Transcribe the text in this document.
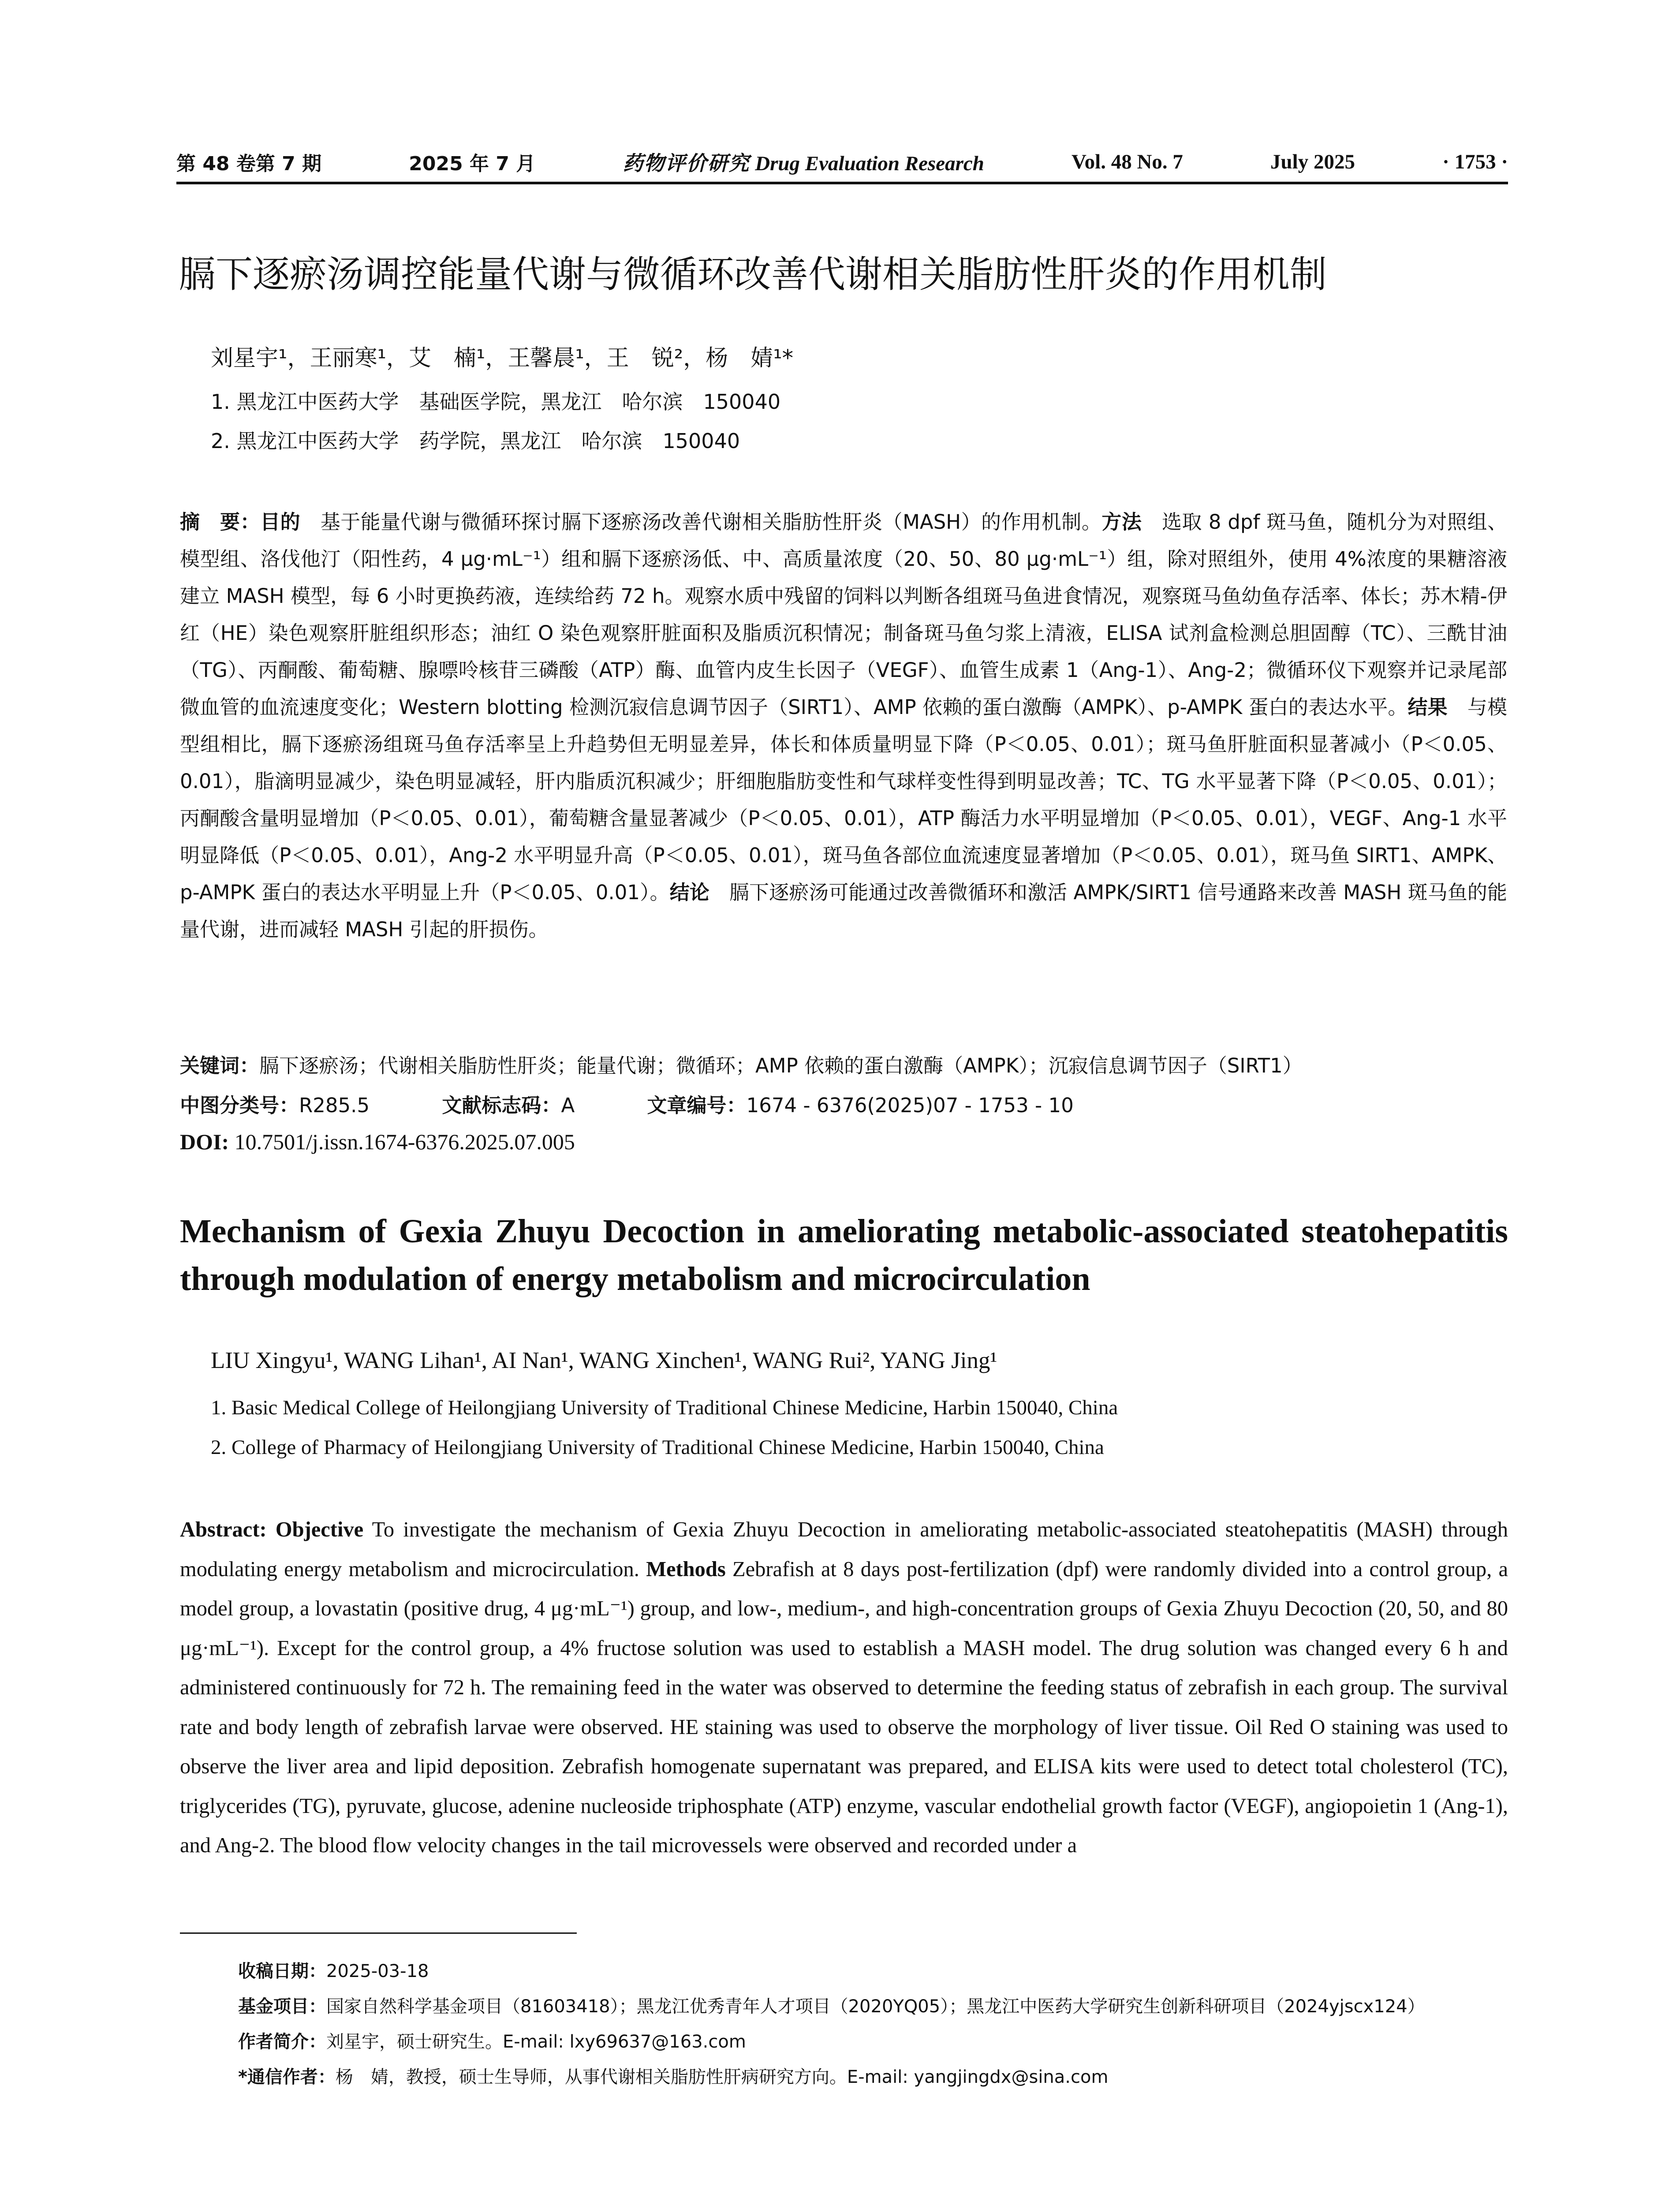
第 48 卷第 7 期	2025 年 7 月	药物评价研究 Drug Evaluation Research	Vol. 48 No. 7	July 2025	· 1753 ·
膈下逐瘀汤调控能量代谢与微循环改善代谢相关脂肪性肝炎的作用机制
刘星宇¹，王丽寒¹，艾　楠¹，王馨晨¹，王　锐²，杨　婧¹*
1. 黑龙江中医药大学　基础医学院，黑龙江　哈尔滨　150040
2. 黑龙江中医药大学　药学院，黑龙江　哈尔滨　150040

摘　要：目的　基于能量代谢与微循环探讨膈下逐瘀汤改善代谢相关脂肪性肝炎（MASH）的作用机制。方法　选取 8 dpf 斑马鱼，随机分为对照组、模型组、洛伐他汀（阳性药，4 μg·mL⁻¹）组和膈下逐瘀汤低、中、高质量浓度（20、50、80 μg·mL⁻¹）组，除对照组外，使用 4%浓度的果糖溶液建立 MASH 模型，每 6 小时更换药液，连续给药 72 h。观察水质中残留的饲料以判断各组斑马鱼进食情况，观察斑马鱼幼鱼存活率、体长；苏木精-伊红（HE）染色观察肝脏组织形态；油红 O 染色观察肝脏面积及脂质沉积情况；制备斑马鱼匀浆上清液，ELISA 试剂盒检测总胆固醇（TC）、三酰甘油（TG）、丙酮酸、葡萄糖、腺嘌呤核苷三磷酸（ATP）酶、血管内皮生长因子（VEGF）、血管生成素 1（Ang-1）、Ang-2；微循环仪下观察并记录尾部微血管的血流速度变化；Western blotting 检测沉寂信息调节因子（SIRT1）、AMP 依赖的蛋白激酶（AMPK）、p-AMPK 蛋白的表达水平。结果　与模型组相比，膈下逐瘀汤组斑马鱼存活率呈上升趋势但无明显差异，体长和体质量明显下降（P＜0.05、0.01）；斑马鱼肝脏面积显著减小（P＜0.05、0.01），脂滴明显减少，染色明显减轻，肝内脂质沉积减少；肝细胞脂肪变性和气球样变性得到明显改善；TC、TG 水平显著下降（P＜0.05、0.01）；丙酮酸含量明显增加（P＜0.05、0.01），葡萄糖含量显著减少（P＜0.05、0.01），ATP 酶活力水平明显增加（P＜0.05、0.01），VEGF、Ang-1 水平明显降低（P＜0.05、0.01），Ang-2 水平明显升高（P＜0.05、0.01），斑马鱼各部位血流速度显著增加（P＜0.05、0.01），斑马鱼 SIRT1、AMPK、p-AMPK 蛋白的表达水平明显上升（P＜0.05、0.01）。结论　膈下逐瘀汤可能通过改善微循环和激活 AMPK/SIRT1 信号通路来改善 MASH 斑马鱼的能量代谢，进而减轻 MASH 引起的肝损伤。

关键词：膈下逐瘀汤；代谢相关脂肪性肝炎；能量代谢；微循环；AMP 依赖的蛋白激酶（AMPK）；沉寂信息调节因子（SIRT1）
中图分类号：R285.5	文献标志码：A	文章编号：1674 - 6376(2025)07 - 1753 - 10
DOI: 10.7501/j.issn.1674-6376.2025.07.005
Mechanism of Gexia Zhuyu Decoction in ameliorating metabolic-associated steatohepatitis through modulation of energy metabolism and microcirculation
LIU Xingyu¹, WANG Lihan¹, AI Nan¹, WANG Xinchen¹, WANG Rui², YANG Jing¹
1. Basic Medical College of Heilongjiang University of Traditional Chinese Medicine, Harbin 150040, China
2. College of Pharmacy of Heilongjiang University of Traditional Chinese Medicine, Harbin 150040, China
Abstract: Objective To investigate the mechanism of Gexia Zhuyu Decoction in ameliorating metabolic-associated steatohepatitis (MASH) through modulating energy metabolism and microcirculation. Methods Zebrafish at 8 days post-fertilization (dpf) were randomly divided into a control group, a model group, a lovastatin (positive drug, 4 μg·mL⁻¹) group, and low-, medium-, and high-concentration groups of Gexia Zhuyu Decoction (20, 50, and 80 μg·mL⁻¹). Except for the control group, a 4% fructose solution was used to establish a MASH model. The drug solution was changed every 6 h and administered continuously for 72 h. The remaining feed in the water was observed to determine the feeding status of zebrafish in each group. The survival rate and body length of zebrafish larvae were observed. HE staining was used to observe the morphology of liver tissue. Oil Red O staining was used to observe the liver area and lipid deposition. Zebrafish homogenate supernatant was prepared, and ELISA kits were used to detect total cholesterol (TC), triglycerides (TG), pyruvate, glucose, adenine nucleoside triphosphate (ATP) enzyme, vascular endothelial growth factor (VEGF), angiopoietin 1 (Ang-1), and Ang-2. The blood flow velocity changes in the tail microvessels were observed and recorded under a
收稿日期：2025-03-18
基金项目：国家自然科学基金项目（81603418）；黑龙江优秀青年人才项目（2020YQ05）；黑龙江中医药大学研究生创新科研项目（2024yjscx124）
作者简介：刘星宇，硕士研究生。E-mail: lxy69637@163.com
*通信作者：杨　婧，教授，硕士生导师，从事代谢相关脂肪性肝病研究方向。E-mail: yangjingdx@sina.com
